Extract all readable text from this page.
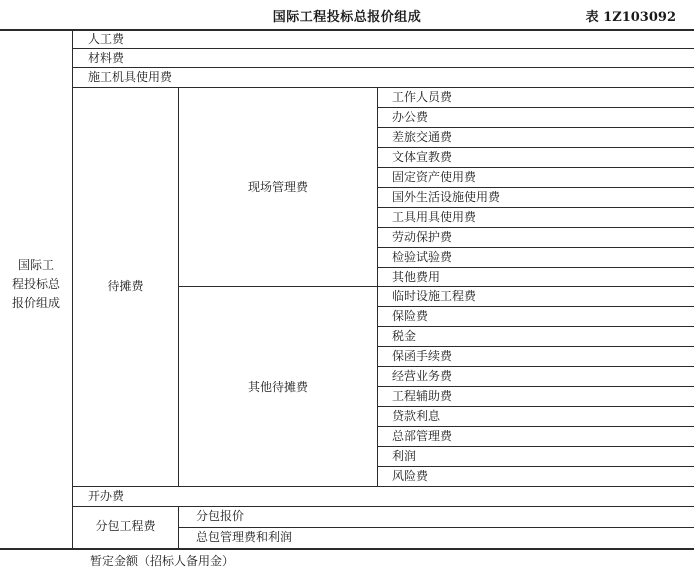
国际工程投标总报价组成	表 1Z103092
国际工
程投标总
报价组成
人工费
材料费
施工机具使用费
待摊费
现场管理费
其他待摊费
工作人员费
办公费
差旅交通费
文体宣教费
固定资产使用费
国外生活设施使用费
工具用具使用费
劳动保护费
检验试验费
其他费用
临时设施工程费
保险费
税金
保函手续费
经营业务费
工程辅助费
贷款利息
总部管理费
利润
风险费
开办费
分包工程费
分包报价
总包管理费和利润
暂定金额（招标人备用金）
